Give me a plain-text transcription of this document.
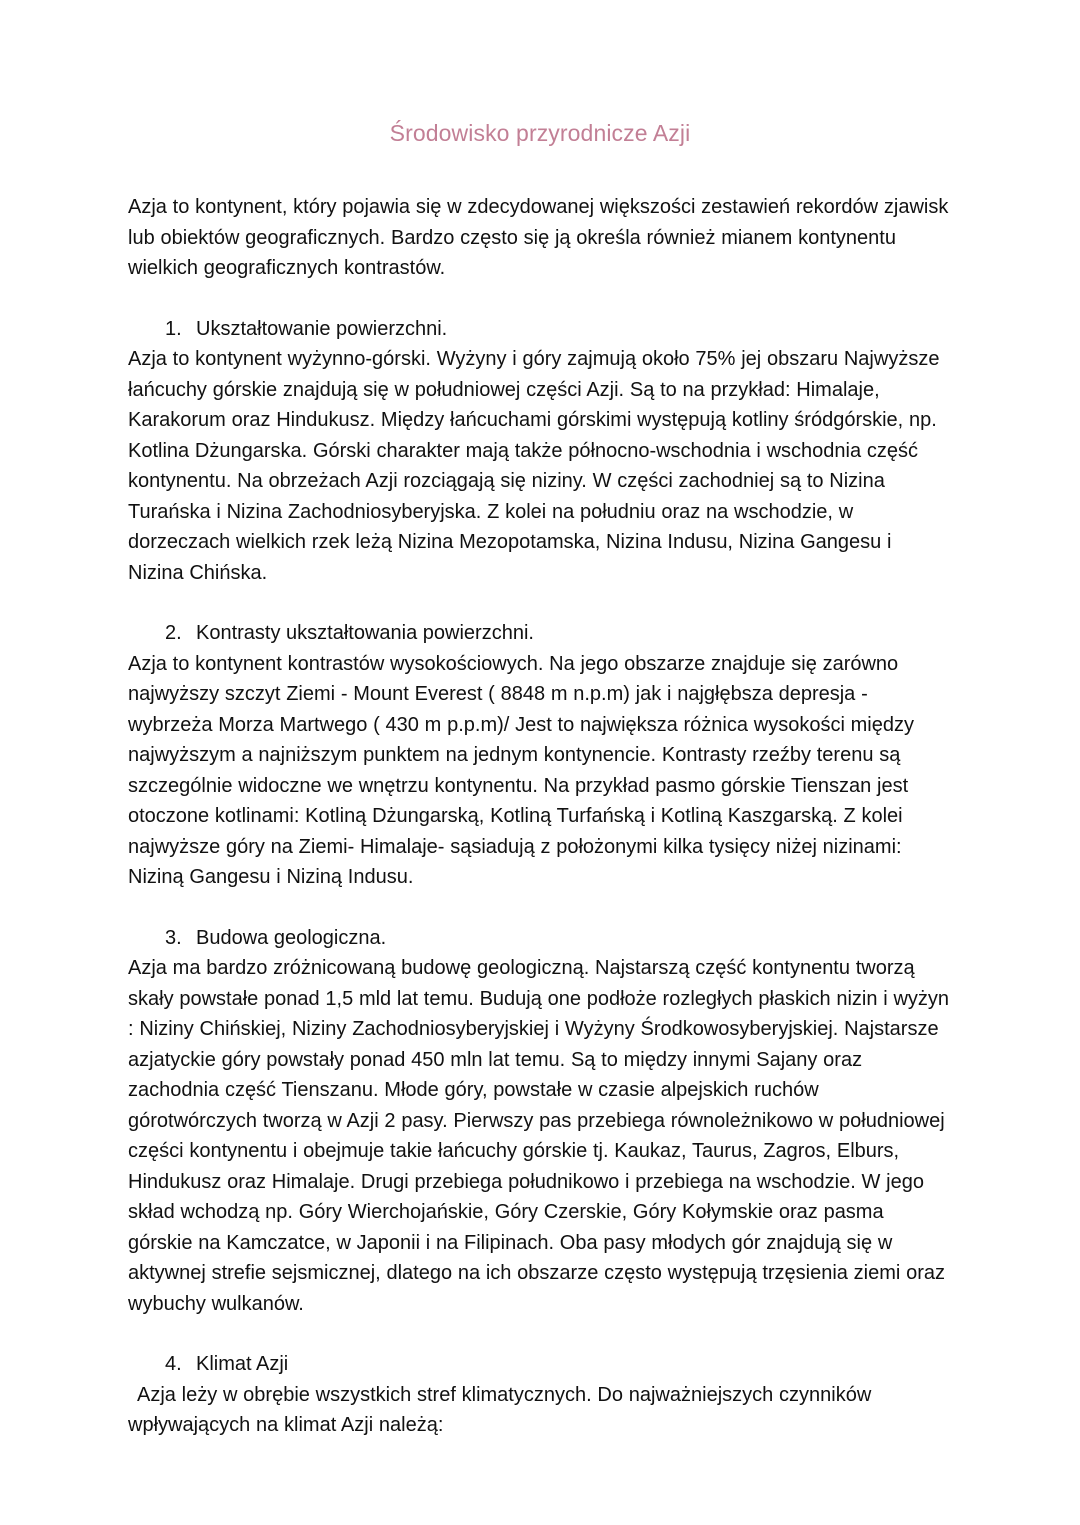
Środowisko przyrodnicze Azji

Azja to kontynent, który pojawia się w zdecydowanej większości zestawień rekordów zjawisk lub obiektów geograficznych. Bardzo często się ją określa również mianem kontynentu wielkich geograficznych kontrastów.

1. Ukształtowanie powierzchni.

Azja to kontynent wyżynno-górski. Wyżyny i góry zajmują około 75% jej obszaru Najwyższe łańcuchy górskie znajdują się w południowej części Azji. Są to na przykład: Himalaje, Karakorum oraz Hindukusz. Między łańcuchami górskimi występują kotliny śródgórskie, np. Kotlina Dżungarska. Górski charakter mają także północno-wschodnia i wschodnia część kontynentu. Na obrzeżach Azji rozciągają się niziny. W części zachodniej są to Nizina Turańska i Nizina Zachodniosyberyjska. Z kolei na południu oraz na wschodzie, w dorzeczach wielkich rzek leżą Nizina Mezopotamska, Nizina Indusu, Nizina Gangesu i Nizina Chińska.

2. Kontrasty ukształtowania powierzchni.

Azja to kontynent kontrastów wysokościowych. Na jego obszarze znajduje się zarówno najwyższy szczyt Ziemi - Mount Everest ( 8848 m n.p.m) jak i najgłębsza depresja - wybrzeża Morza Martwego ( 430 m p.p.m)/ Jest to największa różnica wysokości między najwyższym a najniższym punktem na jednym kontynencie. Kontrasty rzeźby terenu są szczególnie widoczne we wnętrzu kontynentu. Na przykład pasmo górskie Tienszan jest otoczone kotlinami: Kotliną Dżungarską, Kotliną Turfańską i Kotliną Kaszgarską. Z kolei najwyższe góry na Ziemi- Himalaje- sąsiadują z położonymi kilka tysięcy niżej nizinami: Niziną Gangesu i Niziną Indusu.

3. Budowa geologiczna.

Azja ma bardzo zróżnicowaną budowę geologiczną. Najstarszą część kontynentu tworzą skały powstałe ponad 1,5 mld lat temu. Budują one podłoże rozległych płaskich nizin i wyżyn : Niziny Chińskiej, Niziny Zachodniosyberyjskiej i Wyżyny Środkowosyberyjskiej. Najstarsze azjatyckie góry powstały ponad 450 mln lat temu. Są to między innymi Sajany oraz zachodnia część Tienszanu. Młode góry, powstałe w czasie alpejskich ruchów górotwórczych tworzą w Azji 2 pasy. Pierwszy pas przebiega równoleżnikowo w południowej części kontynentu i obejmuje takie łańcuchy górskie tj. Kaukaz, Taurus, Zagros, Elburs, Hindukusz oraz Himalaje. Drugi przebiega południkowo i przebiega na wschodzie. W jego skład wchodzą np. Góry Wierchojańskie, Góry Czerskie, Góry Kołymskie oraz pasma górskie na Kamczatce, w Japonii i na Filipinach. Oba pasy młodych gór znajdują się w aktywnej strefie sejsmicznej, dlatego na ich obszarze często występują trzęsienia ziemi oraz wybuchy wulkanów.

4. Klimat Azji

Azja leży w obrębie wszystkich stref klimatycznych. Do najważniejszych czynników wpływających na klimat Azji należą:
